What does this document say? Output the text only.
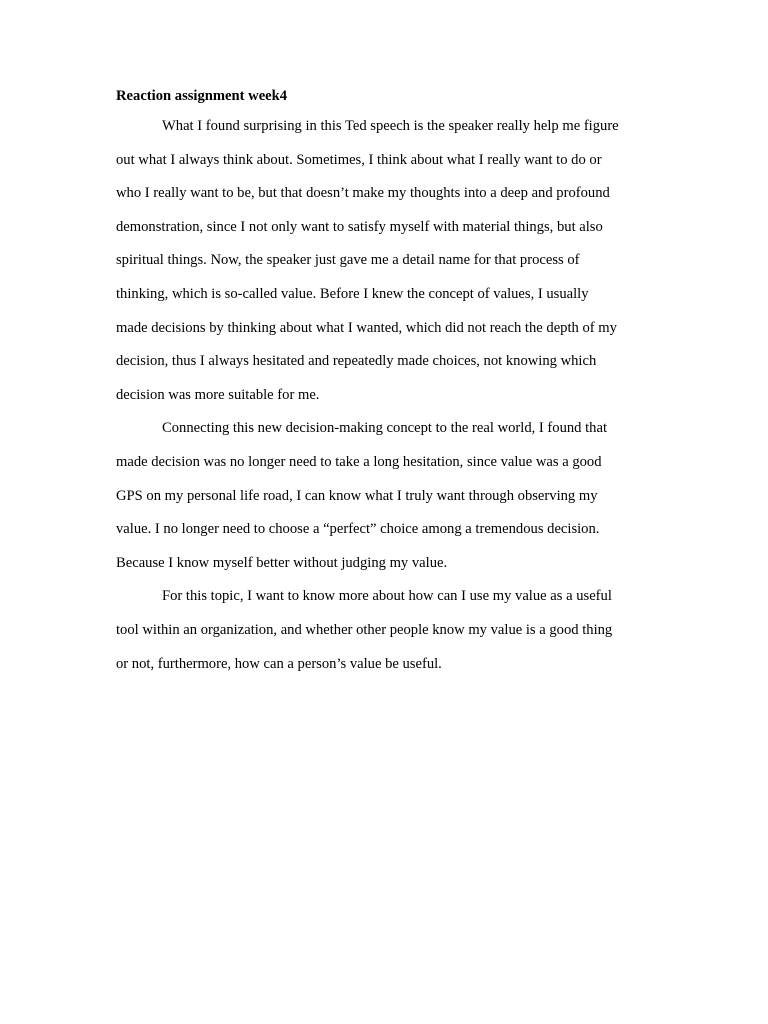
Reaction assignment week4
What I found surprising in this Ted speech is the speaker really help me figure
out what I always think about. Sometimes, I think about what I really want to do or
who I really want to be, but that doesn’t make my thoughts into a deep and profound
demonstration, since I not only want to satisfy myself with material things, but also
spiritual things. Now, the speaker just gave me a detail name for that process of
thinking, which is so-called value. Before I knew the concept of values, I usually
made decisions by thinking about what I wanted, which did not reach the depth of my
decision, thus I always hesitated and repeatedly made choices, not knowing which
decision was more suitable for me.
Connecting this new decision-making concept to the real world, I found that
made decision was no longer need to take a long hesitation, since value was a good
GPS on my personal life road, I can know what I truly want through observing my
value. I no longer need to choose a “perfect” choice among a tremendous decision.
Because I know myself better without judging my value.
For this topic, I want to know more about how can I use my value as a useful
tool within an organization, and whether other people know my value is a good thing
or not, furthermore, how can a person’s value be useful.
